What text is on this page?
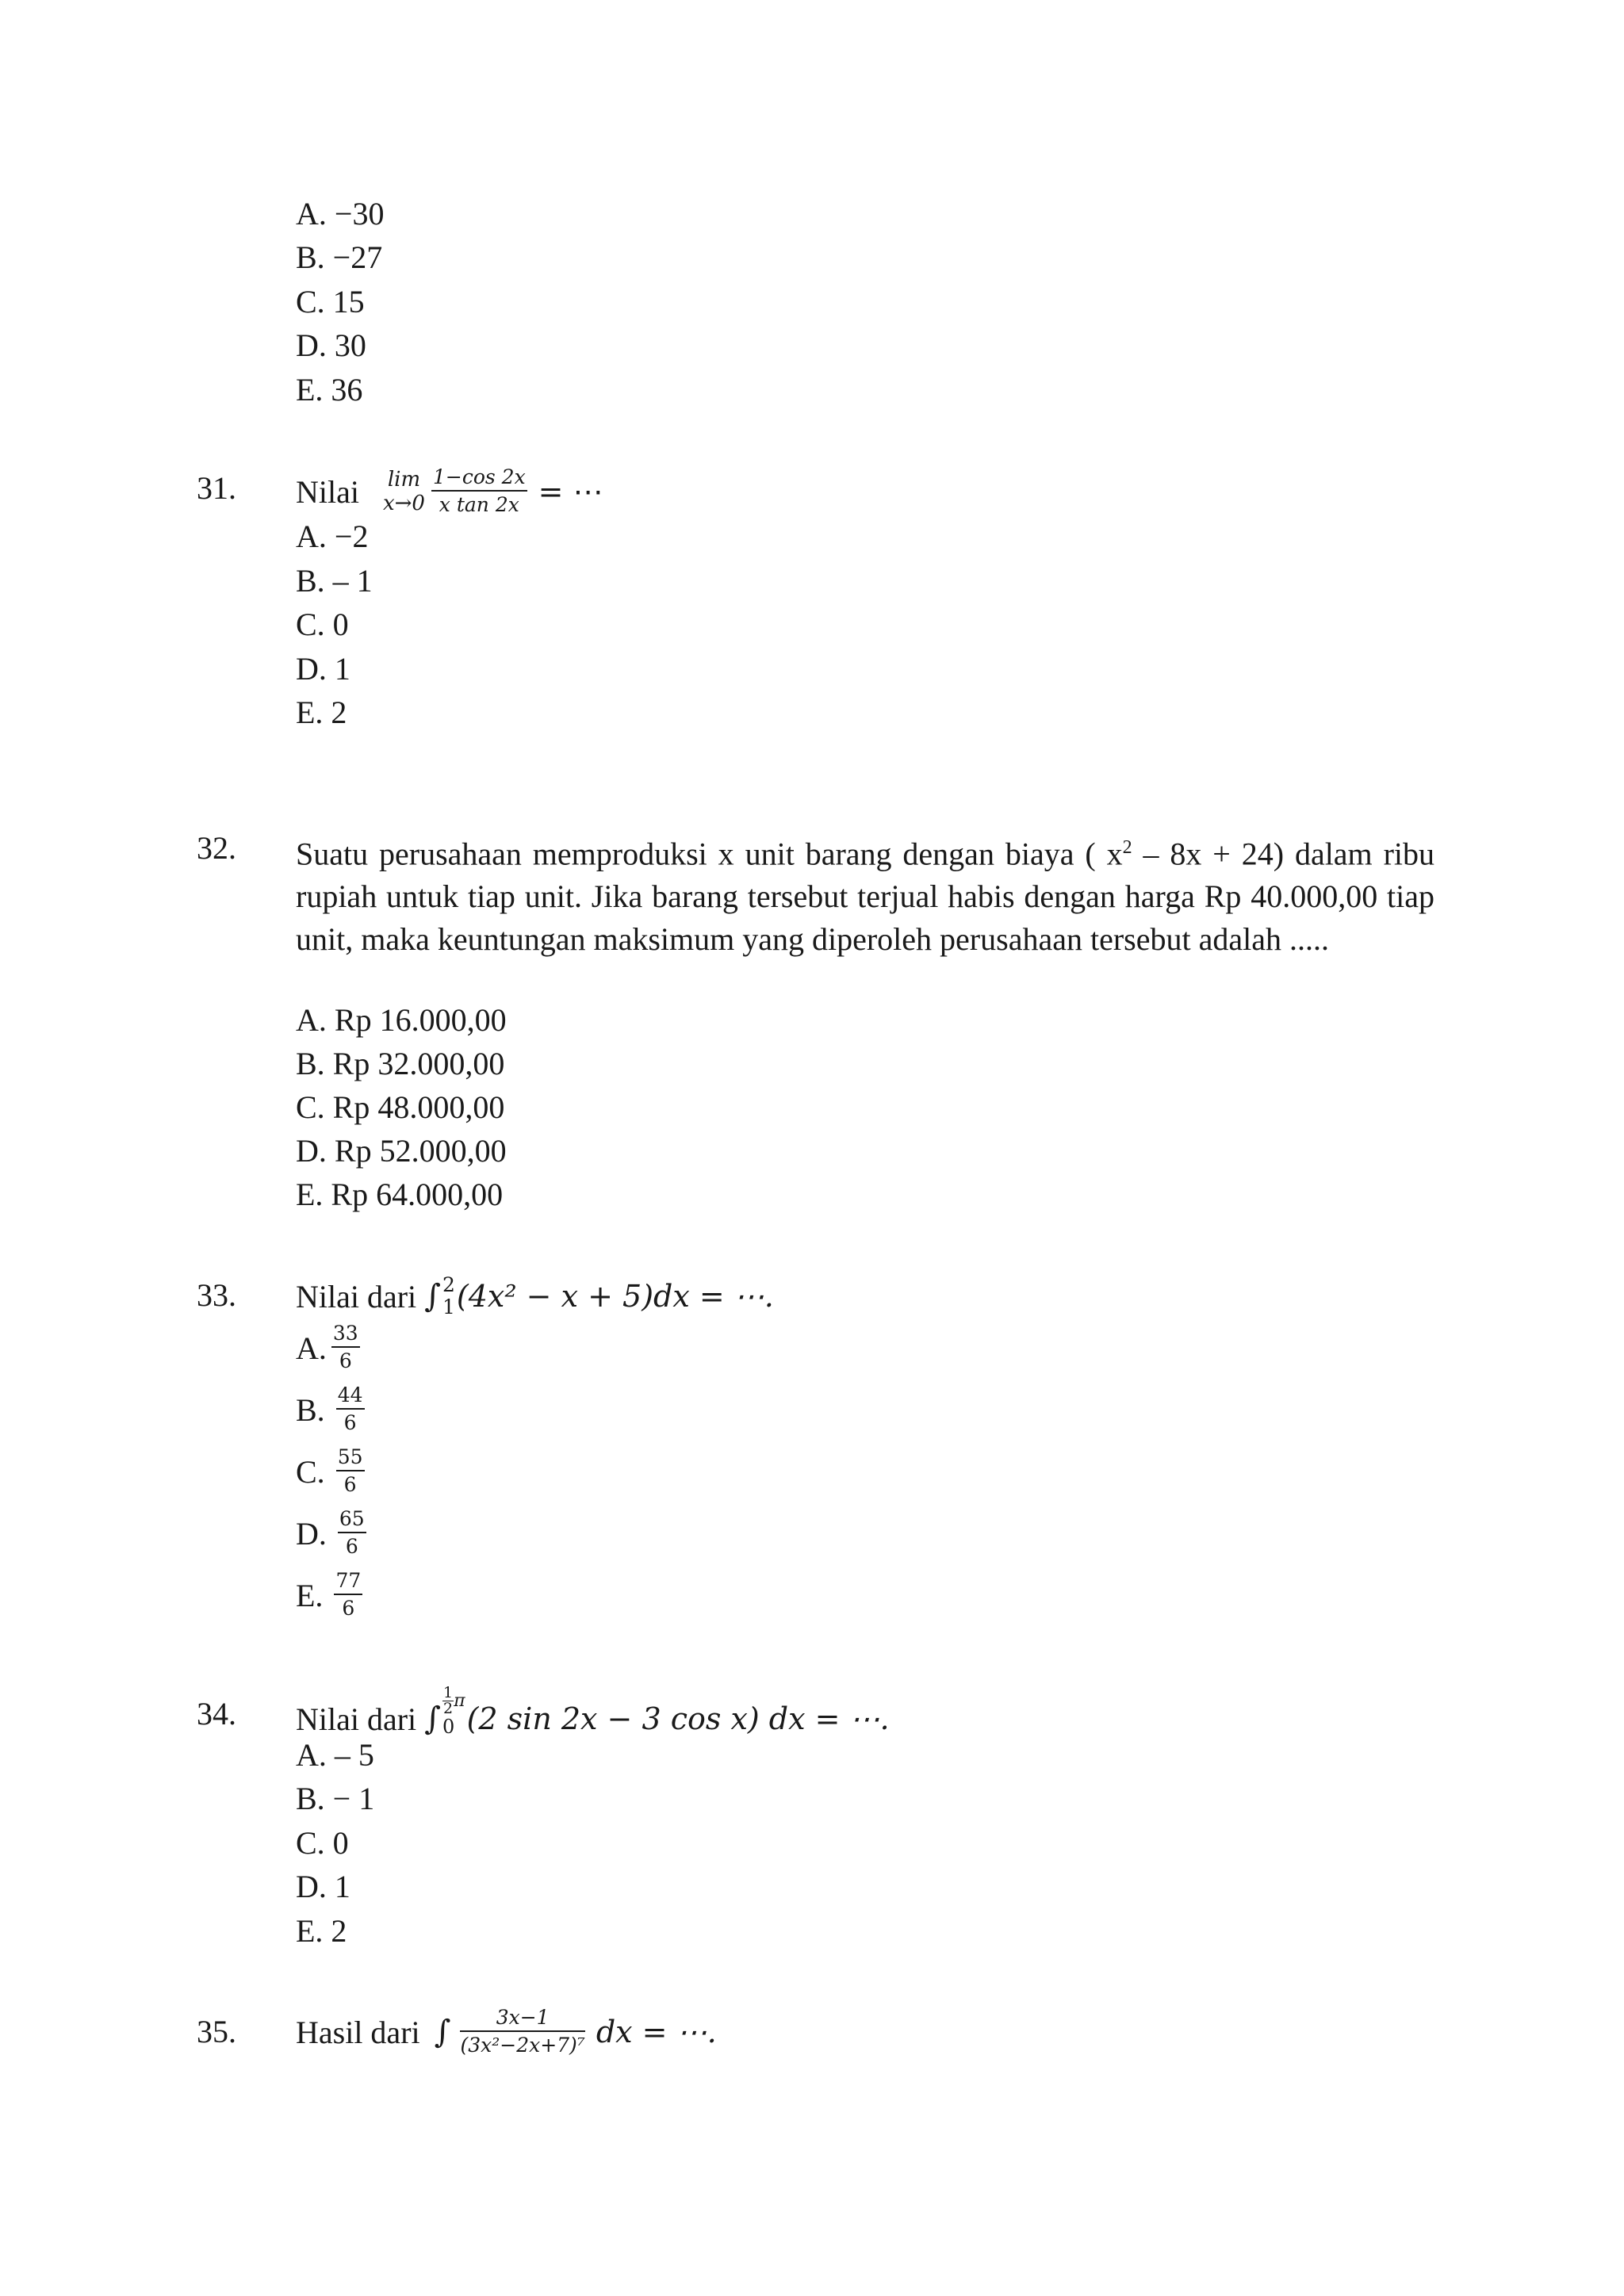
A. −30
B. −27
C. 15
D. 30
E. 36
31. Nilai lim
$x\to 0 \frac{1-\cos 2x}{\text{x tan 2x}}$ = ⋯
A. −2
B. – 1
C. 0
D. 1
E. 2
32. Suatu perusahaan memproduksi x unit barang dengan biaya ( $x^2 - 8x + 24$) dalam ribu rupiah untuk tiap unit. Jika barang tersebut terjual habis dengan harga Rp 40.000,00 tiap unit, maka keuntungan maksimum yang diperoleh perusahaan tersebut adalah .....
A. Rp 16.000,00
B. Rp 32.000,00
C. Rp 48.000,00
D. Rp 52.000,00
E. Rp 64.000,00
33. Nilai dari ∫ 2
1 (4x² − x + 5)dx = ⋯.
A. $\frac{33}{6}$
B. $\frac{44}{6}$
C. $\frac{55}{6}$
D. $\frac{65}{6}$
E. $\frac{77}{6}$
34. Nilai dari ∫ $\frac{1}{2}$ π
0 (2 sin 2x − 3 cos x) dx = ⋯.
A. – 5
B. − 1
C. 0
D. 1
E. 2
35. Hasil dari ∫ $\frac{3x-1}{\text{(3x²−2x+7)⁷}}$ dx = ⋯.
